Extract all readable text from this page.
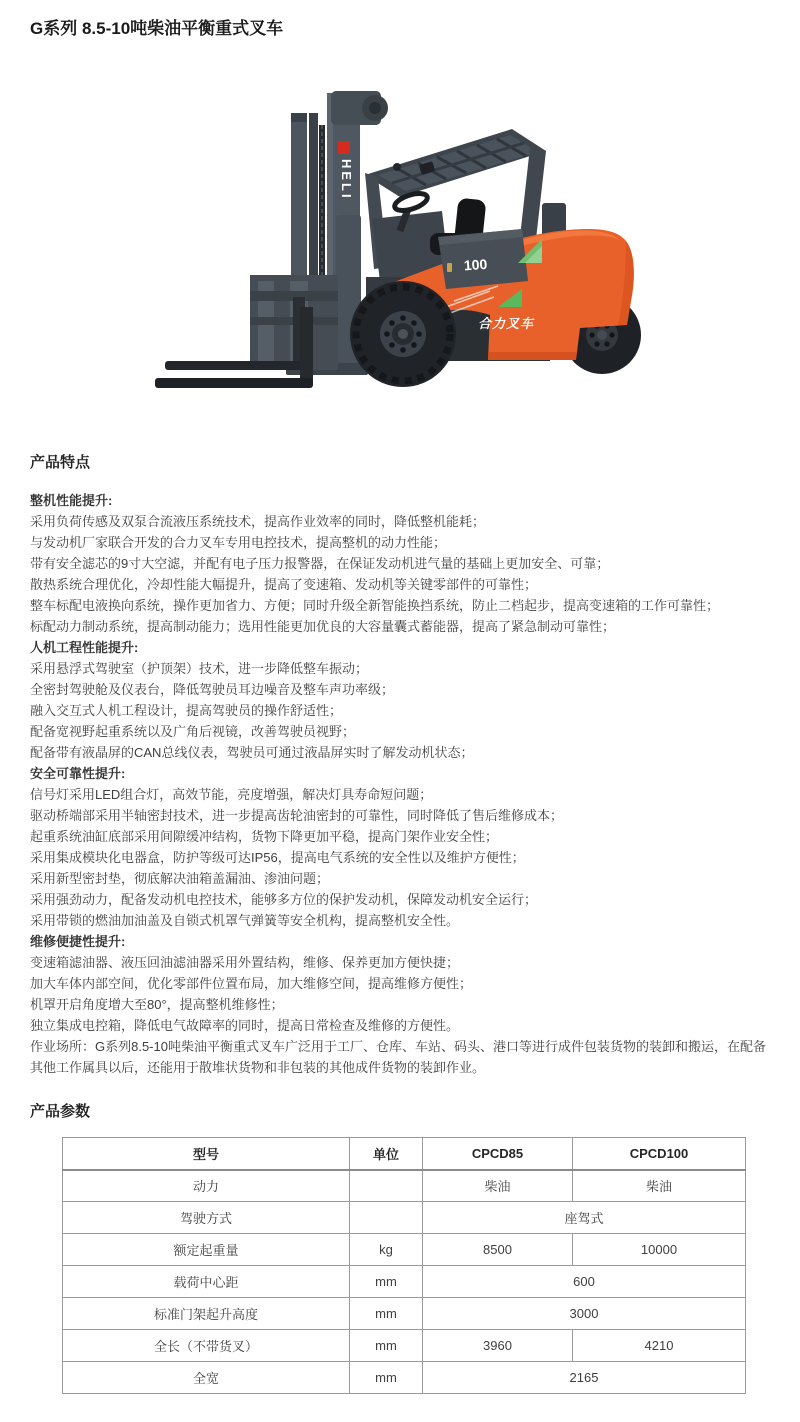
G系列 8.5-10吨柴油平衡重式叉车
HELI
100
合力叉车
产品特点
整机性能提升:
采用负荷传感及双泵合流液压系统技术，提高作业效率的同时，降低整机能耗；
与发动机厂家联合开发的合力叉车专用电控技术，提高整机的动力性能；
带有安全滤芯的9寸大空滤，并配有电子压力报警器，在保证发动机进气量的基础上更加安全、可靠；
散热系统合理优化，冷却性能大幅提升，提高了变速箱、发动机等关键零部件的可靠性；
整车标配电液换向系统，操作更加省力、方便；同时升级全新智能换挡系统，防止二档起步，提高变速箱的工作可靠性；
标配动力制动系统，提高制动能力；选用性能更加优良的大容量囊式蓄能器，提高了紧急制动可靠性；
人机工程性能提升:
采用悬浮式驾驶室（护顶架）技术，进一步降低整车振动；
全密封驾驶舱及仪表台，降低驾驶员耳边噪音及整车声功率级；
融入交互式人机工程设计，提高驾驶员的操作舒适性；
配备宽视野起重系统以及广角后视镜，改善驾驶员视野；
配备带有液晶屏的CAN总线仪表，驾驶员可通过液晶屏实时了解发动机状态；
安全可靠性提升:
信号灯采用LED组合灯，高效节能，亮度增强，解决灯具寿命短问题；
驱动桥端部采用半轴密封技术，进一步提高齿轮油密封的可靠性，同时降低了售后维修成本；
起重系统油缸底部采用间隙缓冲结构，货物下降更加平稳，提高门架作业安全性；
采用集成模块化电器盒，防护等级可达IP56，提高电气系统的安全性以及维护方便性；
采用新型密封垫，彻底解决油箱盖漏油、渗油问题；
采用强劲动力，配备发动机电控技术，能够多方位的保护发动机，保障发动机安全运行；
采用带锁的燃油加油盖及自锁式机罩气弹簧等安全机构，提高整机安全性。
维修便捷性提升:
变速箱滤油器、液压回油滤油器采用外置结构，维修、保养更加方便快捷；
加大车体内部空间，优化零部件位置布局，加大维修空间，提高维修方便性；
机罩开启角度增大至80°，提高整机维修性；
独立集成电控箱，降低电气故障率的同时，提高日常检查及维修的方便性。
作业场所：G系列8.5-10吨柴油平衡重式叉车广泛用于工厂、仓库、车站、码头、港口等进行成件包装货物的装卸和搬运，在配备其他工作属具以后，还能用于散堆状货物和非包装的其他成件货物的装卸作业。
产品参数
型号	单位	CPCD85	CPCD100
动力		柴油	柴油
驾驶方式		座驾式	
额定起重量	kg	8500	10000
载荷中心距	mm	600	
标准门架起升高度	mm	3000	
全长（不带货叉）	mm	3960	4210
全宽	mm	2165	
